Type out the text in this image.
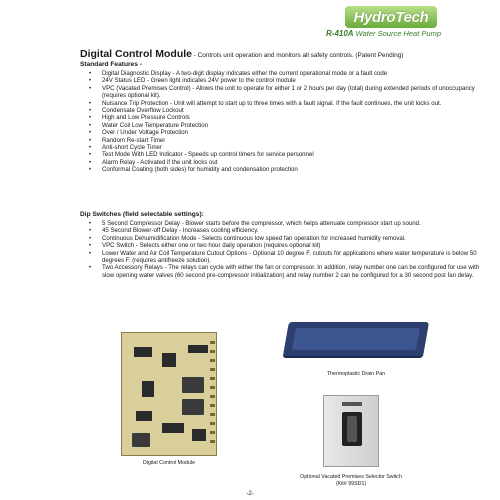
HydroTech
R-410A Water Source Heat Pump
Digital Control Module - Controls unit operation and monitors all safety controls. (Patent Pending)
Standard Features -
• Digital Diagnostic Display - A two-digit display indicates either the current operational mode or a fault code
• 24V Status LED - Green light indicates 24V power to the control module
• VPC (Vacated Premises Control) - Allows the unit to operate for either 1 or 2 hours per day (total) during extended periods of unoccupancy (requires optional kit).
• Nuisance Trip Protection - Unit will attempt to start up to three times with a fault signal. If the fault continues, the unit locks out.
• Condensate Overflow Lockout
• High and Low Pressure Controls
• Water Coil Low Temperature Protection
• Over / Under Voltage Protection
• Random Re-start Timer
• Anti-short Cycle Timer
• Test Mode With LED Indicator - Speeds up control timers for service personnel
• Alarm Relay - Activated if the unit locks out
• Conformal Coating (both sides) for humidity and condensation protection
Dip Switches (field selectable settings):
• 5 Second Compressor Delay - Blower starts before the compressor, which helps attenuate compressor start up sound.
• 45 Second Blower-off Delay - Increases cooling efficiency.
• Continuous Dehumidification Mode - Selects continuous low speed fan operation for increased humidity removal.
• VPC Switch - Selects either one or two hour daily operation (requires optional kit)
• Lower Water and Air Coil Temperature Cutout Options - Optional 10 degree F. cutouts for applications where water temperature is below 50 degrees F. (requires antifreeze solution).
• Two Accessory Relays - The relays can cycle with either the fan or compressor. In addition, relay number one can be configured for use with slow opening water valves (60 second pre-compressor initialization) and relay number 2 can be configured for a 30 second post fan delay.
Digital Control Module
Thermoplastic Drain Pan
Optional Vacated Premises Selector Switch
(Kit# 99SD1)
-2-
